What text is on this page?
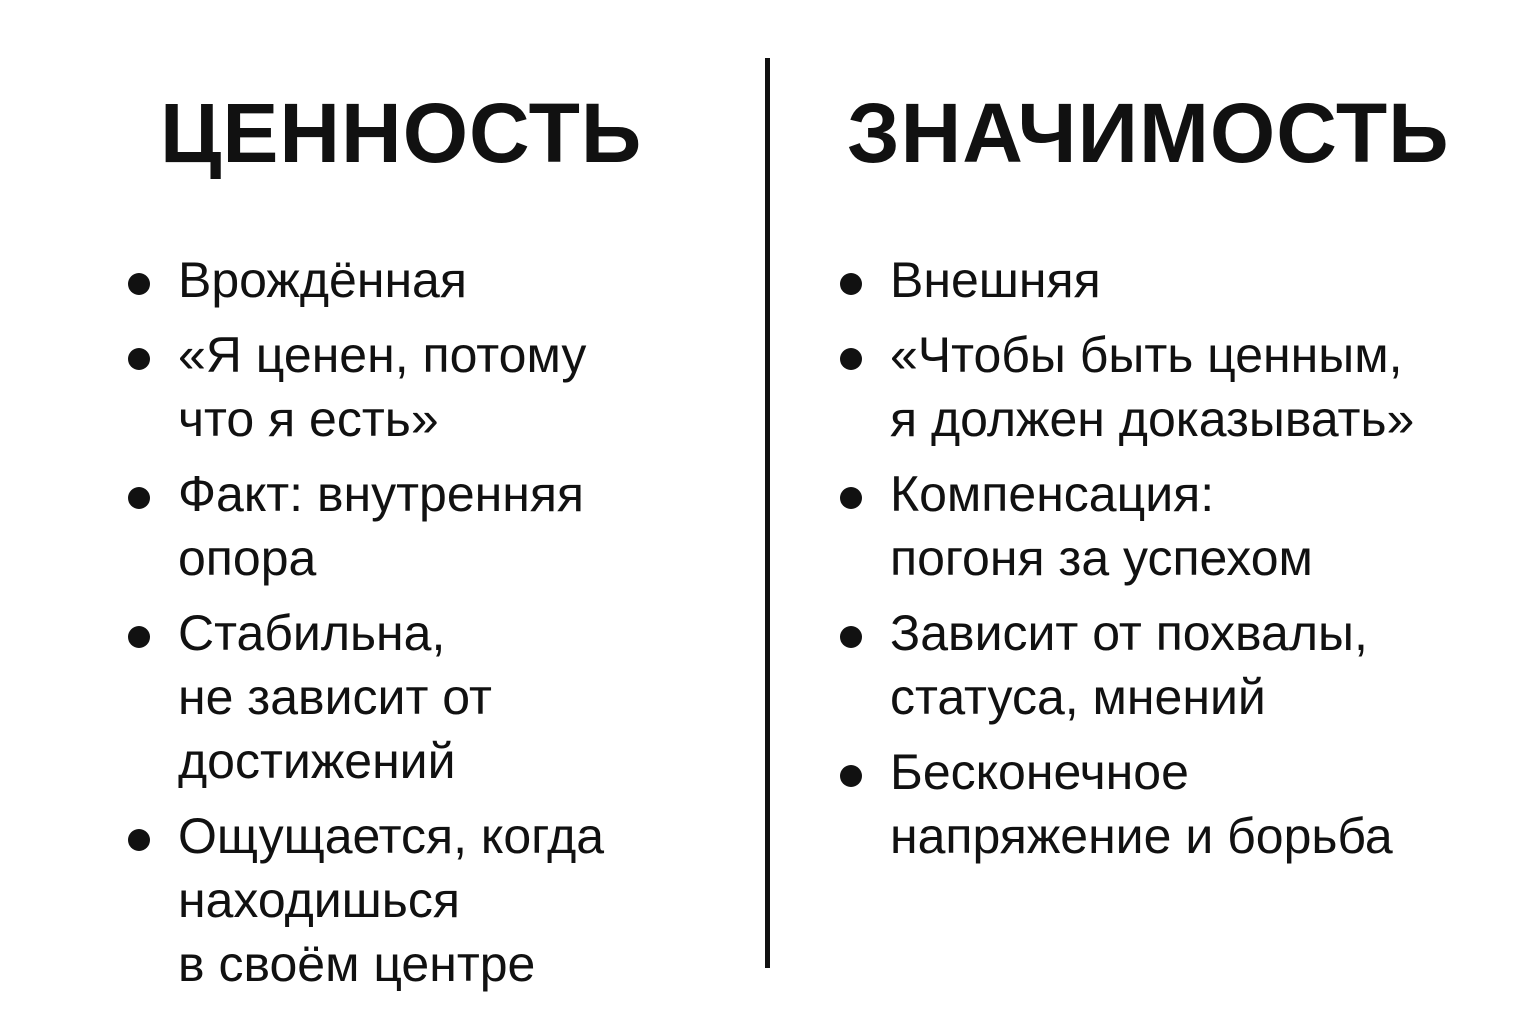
ЦЕННОСТЬ
Врождённая
«Я ценен, потому
что я есть»
Факт: внутренняя
опора
Стабильна,
не зависит от
достижений
Ощущается, когда
находишься
в своём центре
ЗНАЧИМОСТЬ
Внешняя
«Чтобы быть ценным,
я должен доказывать»
Компенсация:
погоня за успехом
Зависит от похвалы,
статуса, мнений
Бесконечное
напряжение и борьба
